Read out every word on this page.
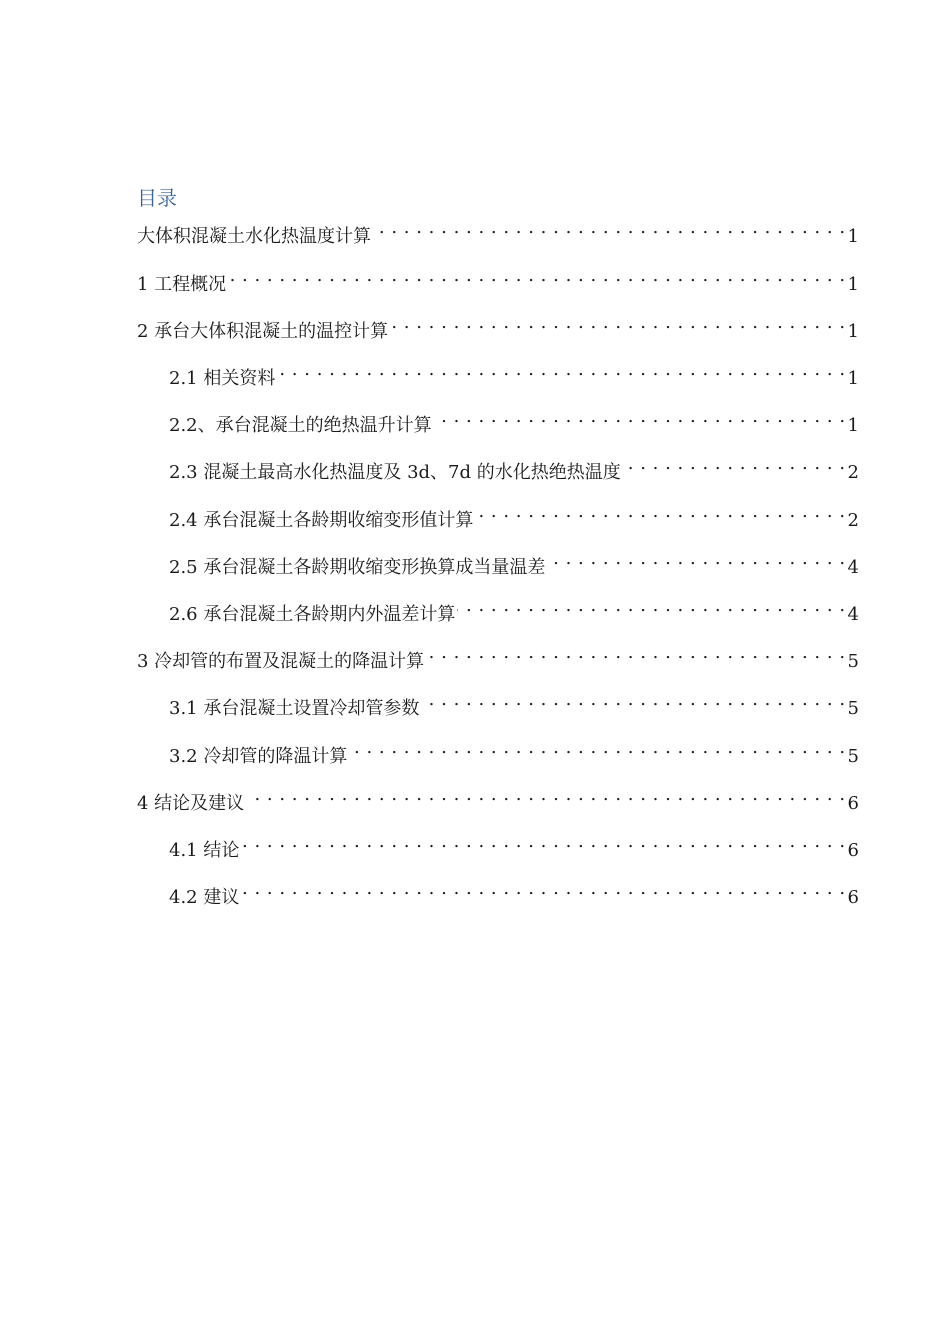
目录
大体积混凝土水化热温度计算 . . .	1
1 工程概况 . . .	1
2 承台大体积混凝土的温控计算 . . .	1
2.1 相关资料 . . .	1
2.2、承台混凝土的绝热温升计算 . . .	1
2.3 混凝土最高水化热温度及 3d、7d 的水化热绝热温度 . . .	2
2.4 承台混凝土各龄期收缩变形值计算 . . .	2
2.5 承台混凝土各龄期收缩变形换算成当量温差 . . .	4
2.6 承台混凝土各龄期内外温差计算 . . .	4
3 冷却管的布置及混凝土的降温计算 . . .	5
3.1 承台混凝土设置冷却管参数 . . .	5
3.2 冷却管的降温计算 . . .	5
4 结论及建议 . . .	6
4.1 结论 . . .	6
4.2 建议 . . .	6
